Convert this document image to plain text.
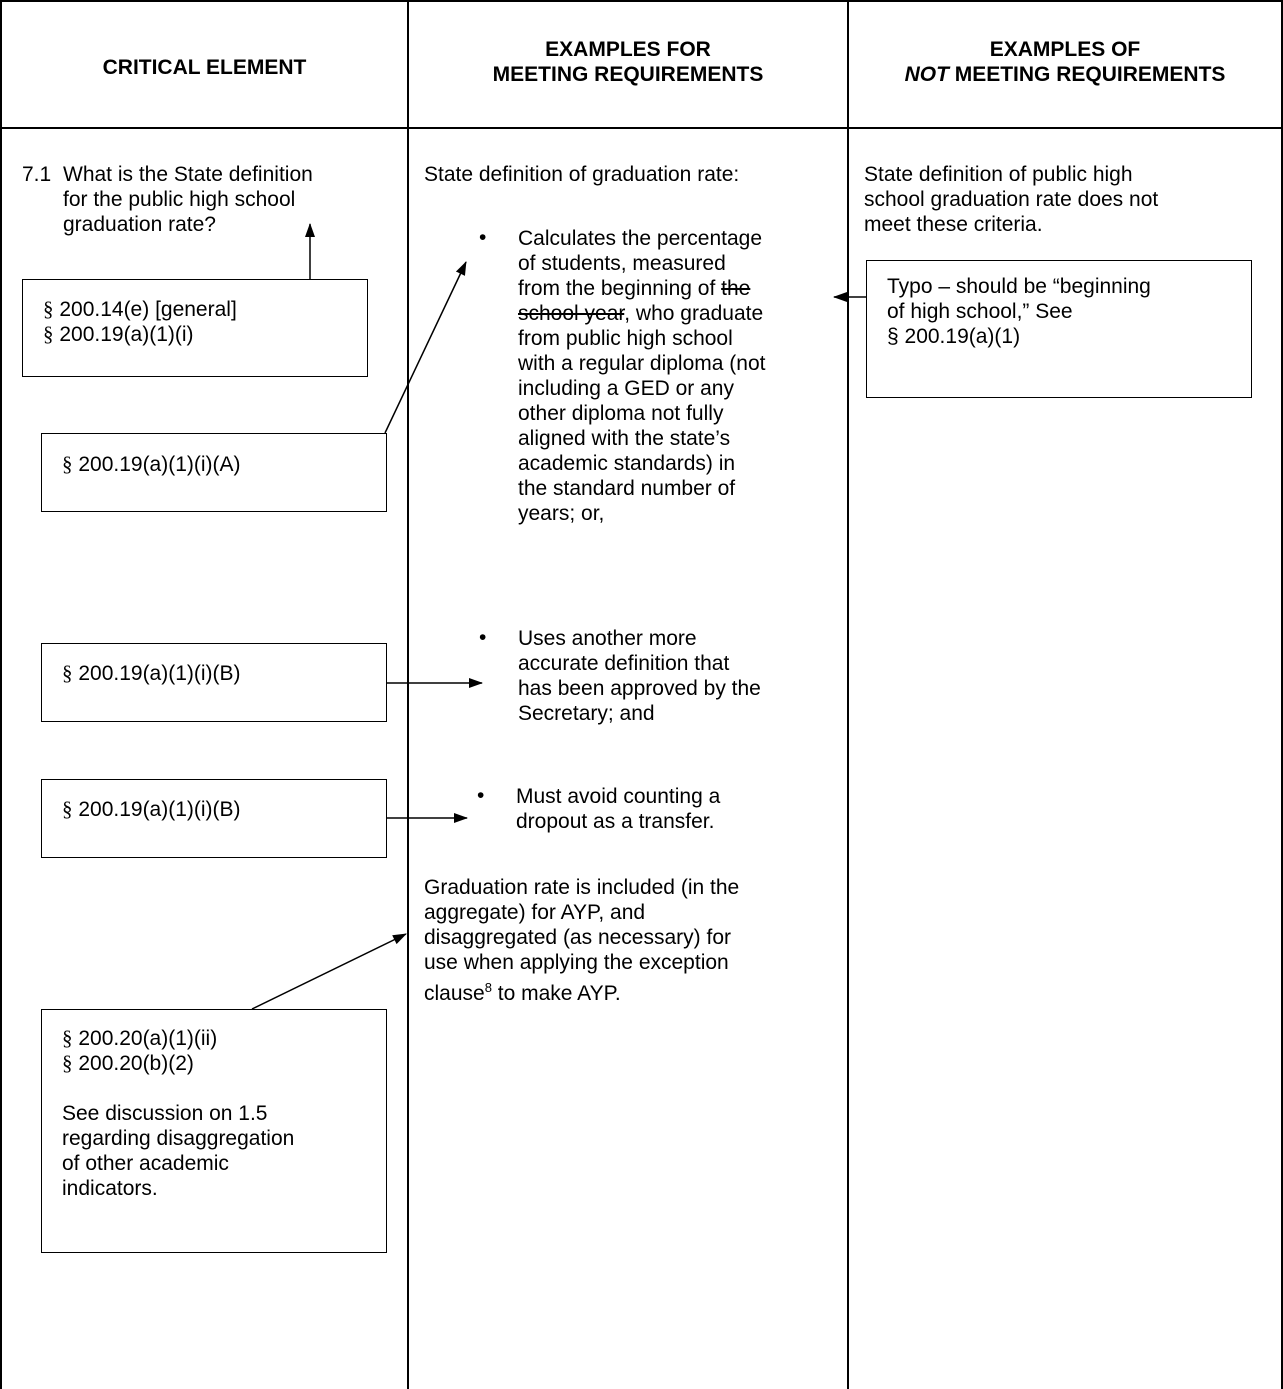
CRITICAL ELEMENT
EXAMPLES FOR
MEETING REQUIREMENTS
EXAMPLES OF
NOT MEETING REQUIREMENTS
7.1 What is the State definition
for the public high school
graduation rate?
§ 200.14(e) [general]
§ 200.19(a)(1)(i)
§ 200.19(a)(1)(i)(A)
§ 200.19(a)(1)(i)(B)
§ 200.19(a)(1)(i)(B)
§ 200.20(a)(1)(ii)
§ 200.20(b)(2)
See discussion on 1.5
regarding disaggregation
of other academic
indicators.
State definition of graduation rate:
• Calculates the percentage
of students, measured
from the beginning of the
school year, who graduate
from public high school
with a regular diploma (not
including a GED or any
other diploma not fully
aligned with the state’s
academic standards) in
the standard number of
years; or,
• Uses another more
accurate definition that
has been approved by the
Secretary; and
• Must avoid counting a
dropout as a transfer.
Graduation rate is included (in the
aggregate) for AYP, and
disaggregated (as necessary) for
use when applying the exception
clause$^8$ to make AYP.
State definition of public high
school graduation rate does not
meet these criteria.
Typo – should be “beginning
of high school,” See
§ 200.19(a)(1)
